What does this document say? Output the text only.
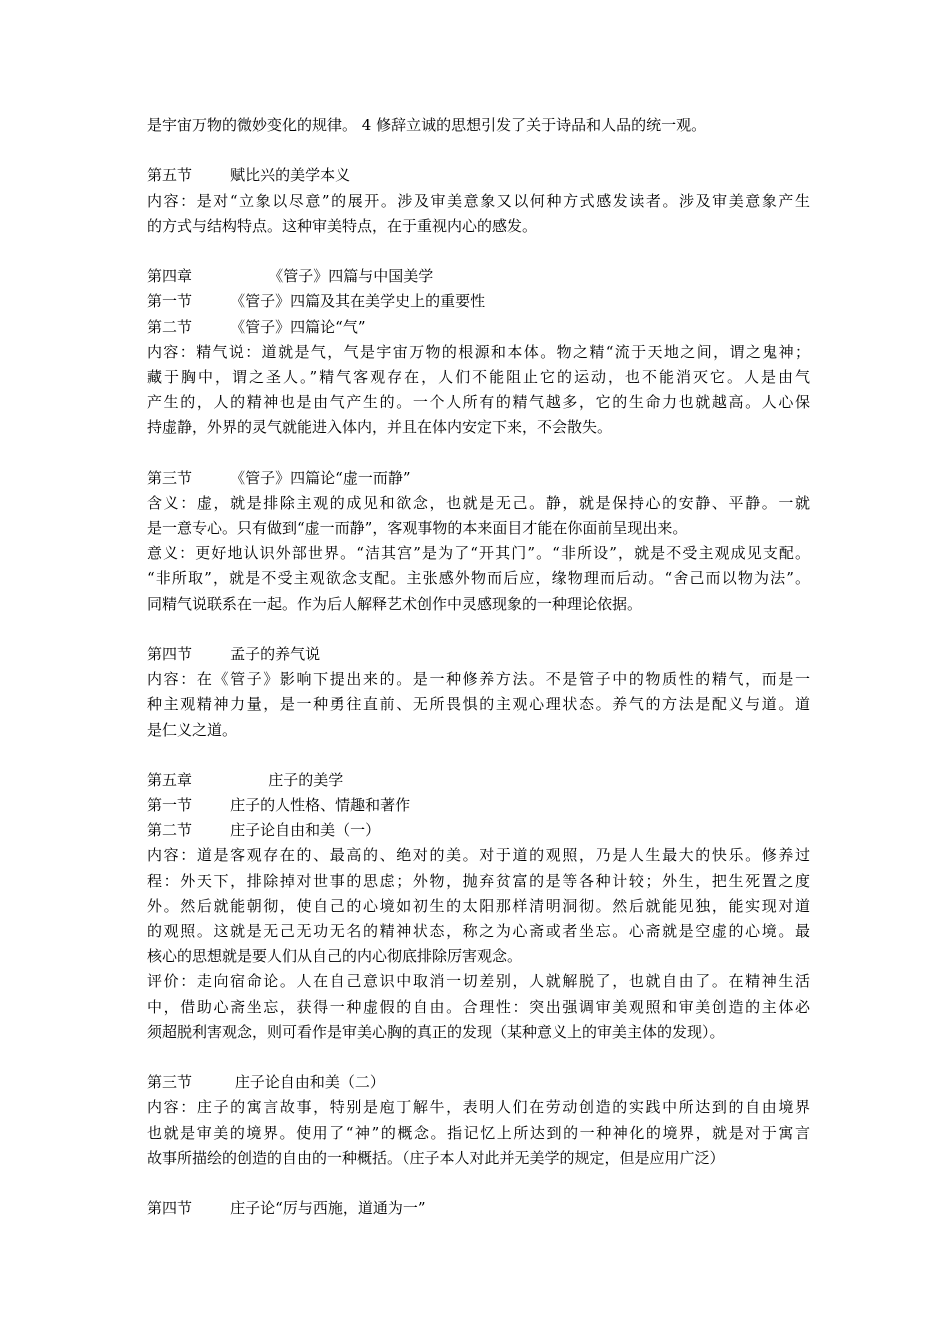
是宇宙万物的微妙变化的规律。 4 修辞立诚的思想引发了关于诗品和人品的统一观。
第五节        赋比兴的美学本义
内容：是对“立象以尽意”的展开。涉及审美意象又以何种方式感发读者。涉及审美意象产生
的方式与结构特点。这种审美特点，在于重视内心的感发。
第四章                《管子》四篇与中国美学
第一节        《管子》四篇及其在美学史上的重要性
第二节        《管子》四篇论“气”
内容：精气说：道就是气，气是宇宙万物的根源和本体。物之精“流于天地之间，谓之鬼神；
藏于胸中，谓之圣人。”精气客观存在，人们不能阻止它的运动，也不能消灭它。人是由气
产生的，人的精神也是由气产生的。一个人所有的精气越多，它的生命力也就越高。人心保
持虚静，外界的灵气就能进入体内，并且在体内安定下来，不会散失。
第三节        《管子》四篇论“虚一而静”
含义：虚，就是排除主观的成见和欲念，也就是无己。静，就是保持心的安静、平静。一就
是一意专心。只有做到“虚一而静”，客观事物的本来面目才能在你面前呈现出来。
意义：更好地认识外部世界。“洁其宫”是为了“开其门”。“非所设”，就是不受主观成见支配。
“非所取”，就是不受主观欲念支配。主张感外物而后应，缘物理而后动。“舍己而以物为法”。
同精气说联系在一起。作为后人解释艺术创作中灵感现象的一种理论依据。
第四节        孟子的养气说
内容：在《管子》影响下提出来的。是一种修养方法。不是管子中的物质性的精气，而是一
种主观精神力量，是一种勇往直前、无所畏惧的主观心理状态。养气的方法是配义与道。道
是仁义之道。
第五章                庄子的美学
第一节        庄子的人性格、情趣和著作
第二节        庄子论自由和美（一）
内容：道是客观存在的、最高的、绝对的美。对于道的观照，乃是人生最大的快乐。修养过
程：外天下，排除掉对世事的思虑；外物，抛弃贫富的是等各种计较；外生，把生死置之度
外。然后就能朝彻，使自己的心境如初生的太阳那样清明洞彻。然后就能见独，能实现对道
的观照。这就是无己无功无名的精神状态，称之为心斋或者坐忘。心斋就是空虚的心境。最
核心的思想就是要人们从自己的内心彻底排除厉害观念。
评价：走向宿命论。人在自己意识中取消一切差别，人就解脱了，也就自由了。在精神生活
中，借助心斋坐忘，获得一种虚假的自由。合理性：突出强调审美观照和审美创造的主体必
须超脱利害观念，则可看作是审美心胸的真正的发现（某种意义上的审美主体的发现）。
第三节         庄子论自由和美（二）
内容：庄子的寓言故事，特别是庖丁解牛，表明人们在劳动创造的实践中所达到的自由境界
也就是审美的境界。使用了“神”的概念。指记忆上所达到的一种神化的境界，就是对于寓言
故事所描绘的创造的自由的一种概括。（庄子本人对此并无美学的规定，但是应用广泛）
第四节        庄子论“厉与西施，道通为一”
